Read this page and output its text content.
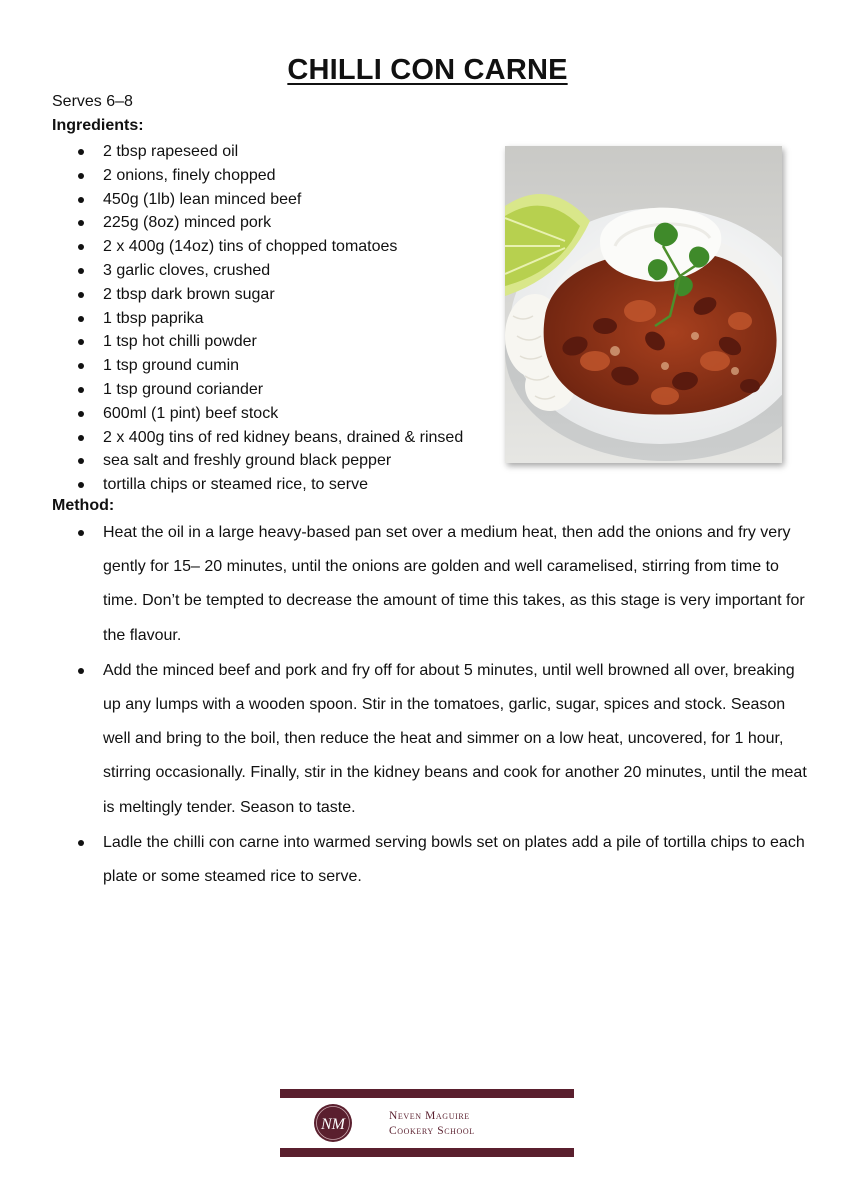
CHILLI CON CARNE
Serves 6–8
Ingredients:
2 tbsp rapeseed oil
2 onions, finely chopped
450g (1lb) lean minced beef
225g (8oz) minced pork
2 x 400g (14oz) tins of chopped tomatoes
3 garlic cloves, crushed
2 tbsp dark brown sugar
1 tbsp paprika
1 tsp hot chilli powder
1 tsp ground cumin
1 tsp ground coriander
600ml (1 pint) beef stock
2 x 400g tins of red kidney beans, drained & rinsed
sea salt and freshly ground black pepper
tortilla chips or steamed rice, to serve
Method:
Heat the oil in a large heavy-based pan set over a medium heat, then add the onions and fry very gently for 15– 20 minutes, until the onions are golden and well caramelised, stirring from time to time. Don’t be tempted to decrease the amount of time this takes, as this stage is very important for the flavour.
Add the minced beef and pork and fry off for about 5 minutes, until well browned all over, breaking up any lumps with a wooden spoon. Stir in the tomatoes, garlic, sugar, spices and stock. Season well and bring to the boil, then reduce the heat and simmer on a low heat, uncovered, for 1 hour, stirring occasionally. Finally, stir in the kidney beans and cook for another 20 minutes, until the meat is meltingly tender. Season to taste.
Ladle the chilli con carne into warmed serving bowls set on plates add a pile of tortilla chips to each plate or some steamed rice to serve.
NM	Neven Maguire
Cookery School
